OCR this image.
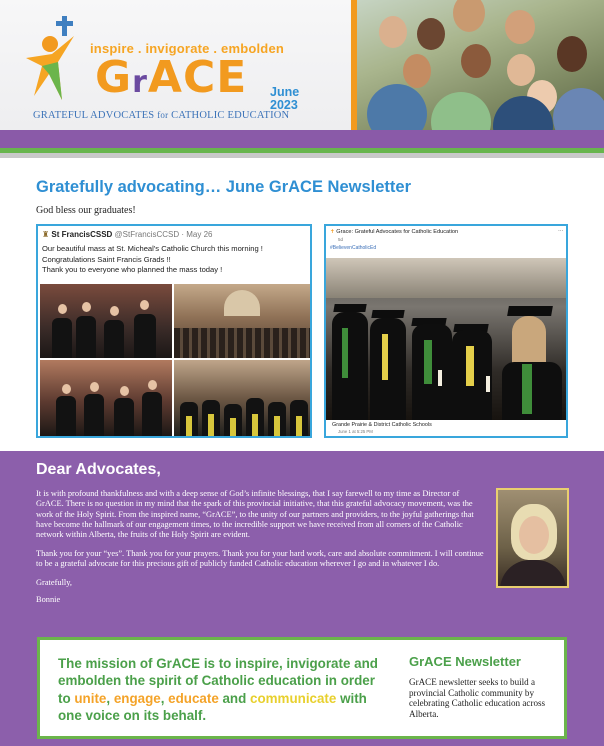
inspire . invigorate . embolden
GrACE
GRATEFUL ADVOCATES for CATHOLIC EDUCATION
June
2023
Gratefully advocating… June GrACE Newsletter
God bless our graduates!
♜ St FrancisCSSD @StFrancisCCSD · May 26
Our beautiful mass at St. Micheal's Catholic Church this morning !
Congratulations Saint Francis Grads !!
Thank you to everyone who planned the mass today !
✝ Grace: Grateful Advocates for Catholic Education	⋯
5d
#BelievenCatholicEd
Grande Prairie & District Catholic Schools
June 1 at 5:25 PM
Dear Advocates,

It is with profound thankfulness and with a deep sense of God’s infinite blessings, that I say farewell to my time as Director of GrACE. There is no question in my mind that the spark of this provincial initiative, that this grateful advocacy movement, was the work of the Holy Spirit. From the inspired name, “GrACE”, to the unity of our partners and providers, to the joyful gatherings that have become the hallmark of our engagement times, to the incredible support we have received from all corners of the Catholic network within Alberta, the fruits of the Holy Spirit are evident.

Thank you for your “yes”. Thank you for your prayers. Thank you for your hard work, care and absolute commitment. I will continue to be a grateful advocate for this precious gift of publicly funded Catholic education wherever I go and in whatever I do.

Gratefully,

Bonnie

The mission of GrACE is to inspire, invigorate and embolden the spirit of Catholic education in order to unite, engage, educate and communicate with one voice on its behalf.
GrACE Newsletter
GrACE newsletter seeks to build a provincial Catholic community by celebrating Catholic education across Alberta.
